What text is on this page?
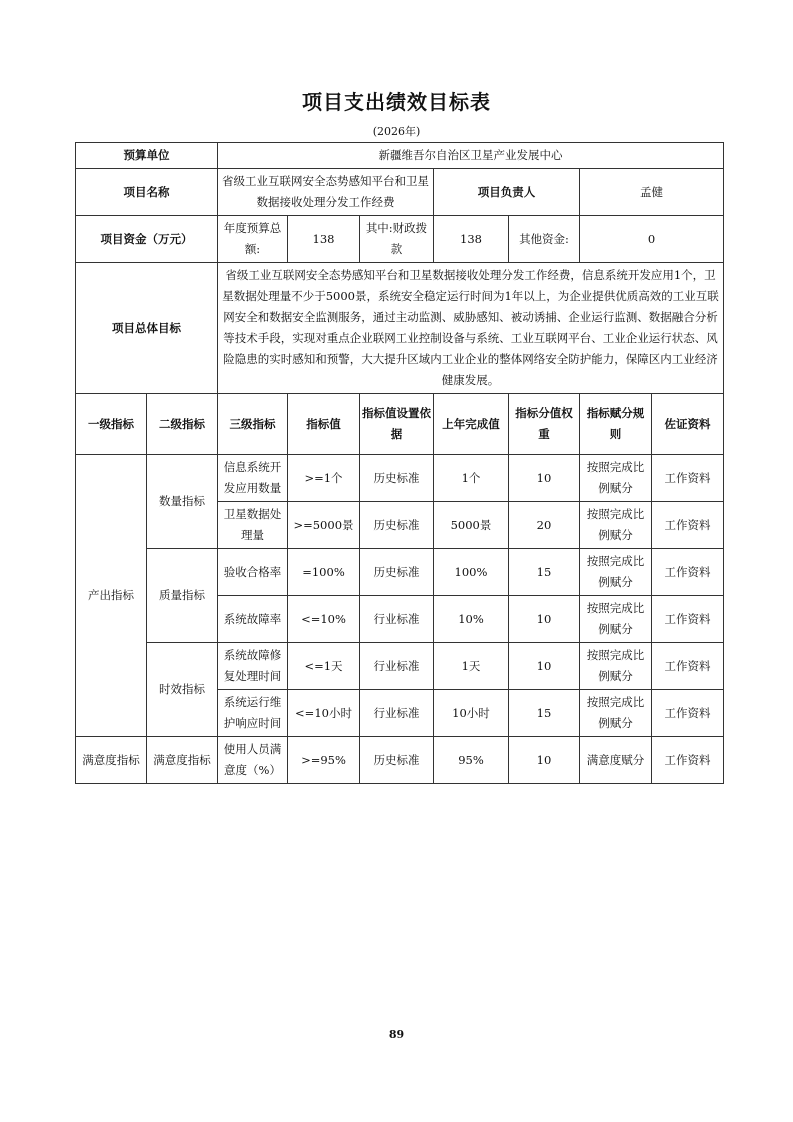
项目支出绩效目标表
(2026年)
预算单位		新疆维吾尔自治区卫星产业发展中心						
项目名称		省级工业互联网安全态势感知平台和卫星数据接收处理分发工作经费			项目负责人		孟健	
项目资金（万元）		年度预算总额:	138	其中:财政拨款	138	其他资金:	0	
项目总体目标		省级工业互联网安全态势感知平台和卫星数据接收处理分发工作经费，信息系统开发应用1个，卫星数据处理量不少于5000景，系统安全稳定运行时间为1年以上，为企业提供优质高效的工业互联网安全和数据安全监测服务，通过主动监测、威胁感知、被动诱捕、企业运行监测、数据融合分析等技术手段，实现对重点企业联网工业控制设备与系统、工业互联网平台、工业企业运行状态、风险隐患的实时感知和预警，大大提升区域内工业企业的整体网络安全防护能力，保障区内工业经济健康发展。						
一级指标	二级指标	三级指标	指标值	指标值设置依据	上年完成值	指标分值权重	指标赋分规则	佐证资料
产出指标	数量指标	信息系统开发应用数量	>=1个	历史标准	1个	10	按照完成比例赋分	工作资料
		卫星数据处理量	>=5000景	历史标准	5000景	20	按照完成比例赋分	工作资料
	质量指标	验收合格率	=100%	历史标准	100%	15	按照完成比例赋分	工作资料
		系统故障率	<=10%	行业标准	10%	10	按照完成比例赋分	工作资料
	时效指标	系统故障修复处理时间	<=1天	行业标准	1天	10	按照完成比例赋分	工作资料
		系统运行维护响应时间	<=10小时	行业标准	10小时	15	按照完成比例赋分	工作资料
满意度指标	满意度指标	使用人员满意度（%）	>=95%	历史标准	95%	10	满意度赋分	工作资料
89
